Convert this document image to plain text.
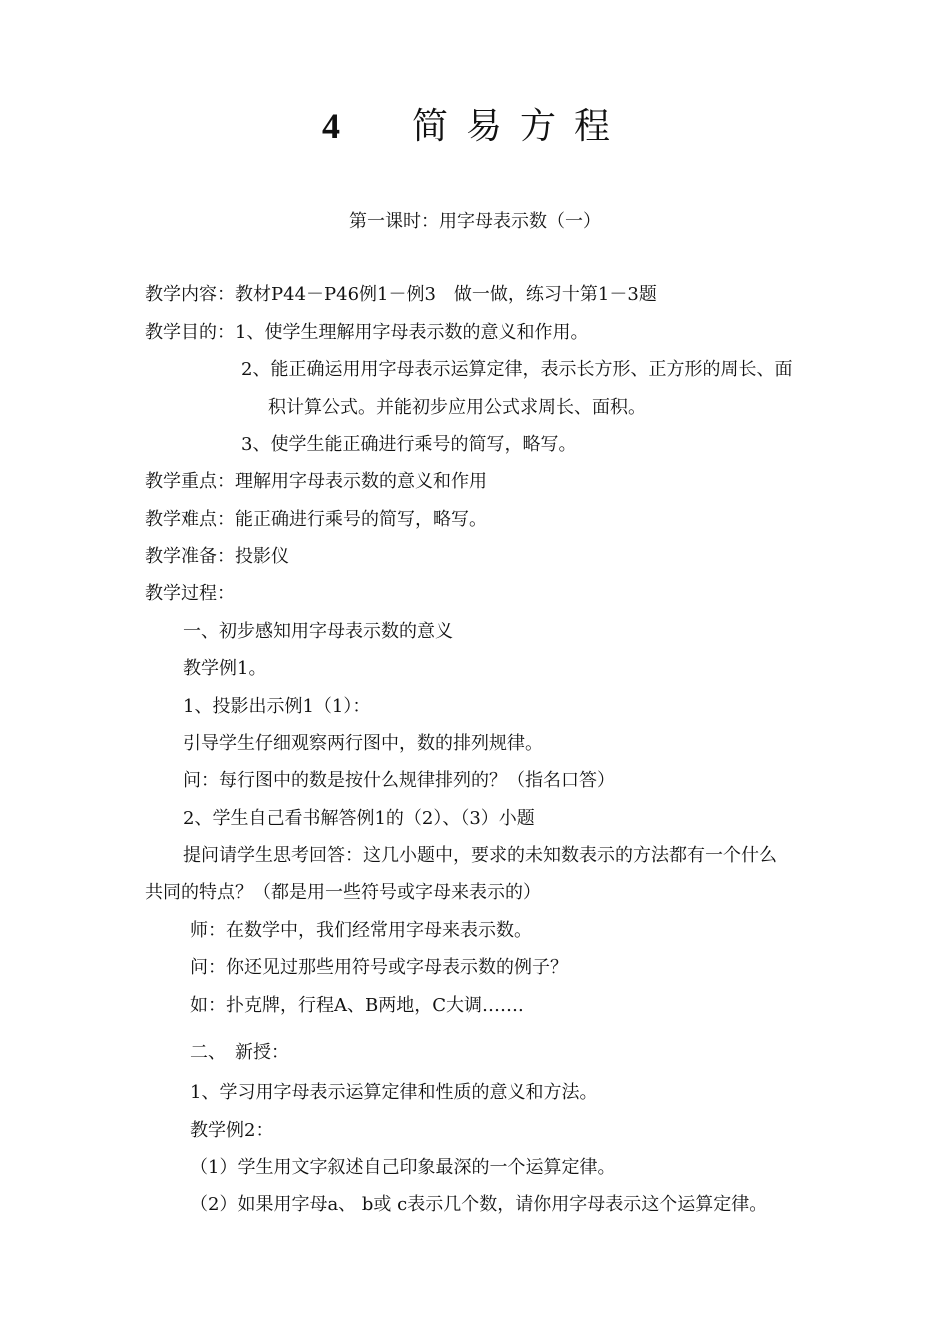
4 简易方程
第一课时：用字母表示数（一）
教学内容：教材P44－P46例1－例3　做一做，练习十第1－3题
教学目的：1、使学生理解用字母表示数的意义和作用。
2、能正确运用用字母表示运算定律，表示长方形、正方形的周长、面
积计算公式。并能初步应用公式求周长、面积。
3、使学生能正确进行乘号的简写，略写。
教学重点：理解用字母表示数的意义和作用
教学难点：能正确进行乘号的简写，略写。
教学准备：投影仪
教学过程：
一、初步感知用字母表示数的意义
教学例1。
1、投影出示例1（1）：
引导学生仔细观察两行图中，数的排列规律。
问：每行图中的数是按什么规律排列的？（指名口答）
2、学生自己看书解答例1的（2）、（3）小题
提问请学生思考回答：这几小题中，要求的未知数表示的方法都有一个什么
共同的特点？（都是用一些符号或字母来表示的）
师：在数学中，我们经常用字母来表示数。
问：你还见过那些用符号或字母表示数的例子？
如：扑克牌，行程A、B两地，C大调…….
二、　新授：
1、学习用字母表示运算定律和性质的意义和方法。
教学例2：
（1）学生用文字叙述自己印象最深的一个运算定律。
（2）如果用字母a、 b或 c表示几个数，请你用字母表示这个运算定律。
